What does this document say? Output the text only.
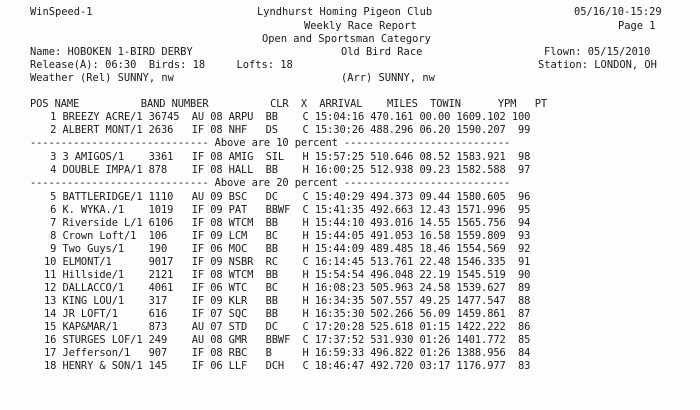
WinSpeed-1	Lyndhurst Homing Pigeon Club	05/16/10-15:29
Weekly Race Report	Page 1
Open and Sportsman Category
Name: HOBOKEN 1-BIRD DERBY	Old Bird Race	Flown: 05/15/2010
Release(A): 06:30  Birds: 18     Lofts: 18	Station: LONDON, OH
Weather (Rel) SUNNY, nw	(Arr) SUNNY, nw
POS NAME          BAND NUMBER          CLR  X  ARRIVAL    MILES  TOWIN      YPM   PT
1 BREEZY ACRE/1 36745  AU 08 ARPU  BB    C 15:04:16 470.161 00.00 1609.102 100
2 ALBERT MONT/1 2636   IF 08 NHF   DS    C 15:30:26 488.296 06.20 1590.207  99
----------------------------- Above are 10 percent ---------------------------
3 3 AMIGOS/1    3361   IF 08 AMIG  SIL   H 15:57:25 510.646 08.52 1583.921  98
4 DOUBLE IMPA/1 878    IF 08 HALL  BB    H 16:00:25 512.938 09.23 1582.588  97
----------------------------- Above are 20 percent ---------------------------
5 BATTLERIDGE/1 1110   AU 09 BSC   DC    C 15:40:29 494.373 09.44 1580.605  96
6 K. WYKA./1    1019   IF 09 PAT   BBWF  C 15:41:35 492.663 12.43 1571.996  95
7 Riverside L/1 6106   IF 08 WTCM  BB    H 15:44:10 493.016 14.55 1565.756  94
8 Crown Loft/1  106    IF 09 LCM   BC    H 15:44:05 491.053 16.58 1559.809  93
9 Two Guys/1    190    IF 06 MOC   BB    H 15:44:09 489.485 18.46 1554.569  92
10 ELMONT/1      9017   IF 09 NSBR  RC    C 16:14:45 513.761 22.48 1546.335  91
11 Hillside/1    2121   IF 08 WTCM  BB    H 15:54:54 496.048 22.19 1545.519  90
12 DALLACCO/1    4061   IF 06 WTC   BC    H 16:08:23 505.963 24.58 1539.627  89
13 KING LOU/1    317    IF 09 KLR   BB    H 16:34:35 507.557 49.25 1477.547  88
14 JR LOFT/1     616    IF 07 SQC   BB    H 16:35:30 502.266 56.09 1459.861  87
15 KAP&MAR/1     873    AU 07 STD   DC    C 17:20:28 525.618 01:15 1422.222  86
16 STURGES LOF/1 249    AU 08 GMR   BBWF  C 17:37:52 531.930 01:26 1401.772  85
17 Jefferson/1   907    IF 08 RBC   B     H 16:59:33 496.822 01:26 1388.956  84
18 HENRY & SON/1 145    IF 06 LLF   DCH   C 18:46:47 492.720 03:17 1176.977  83
